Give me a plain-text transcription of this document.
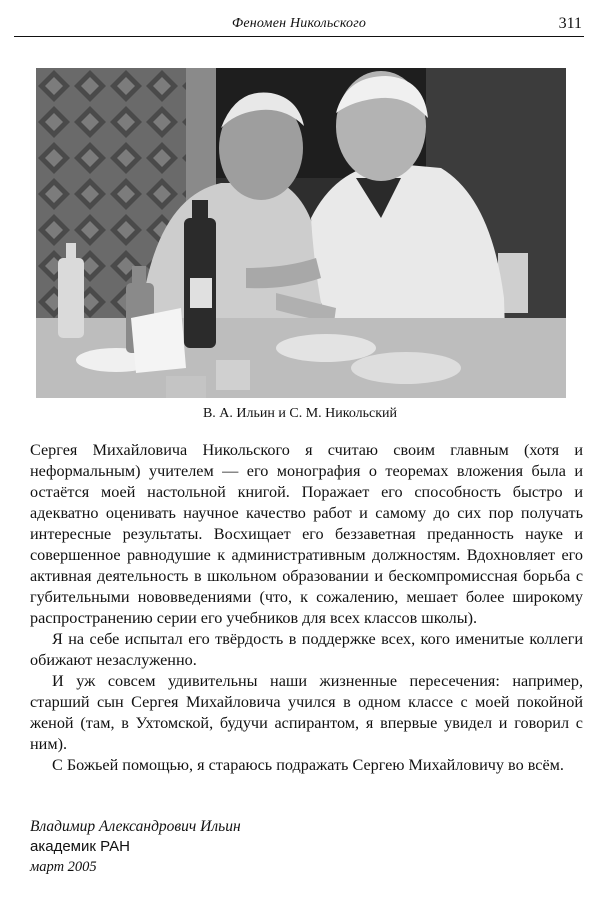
Феномен Никольского	311
В. А. Ильин и С. М. Никольский

Сергея Михайловича Никольского я считаю своим главным (хотя и неформальным) учителем — его монография о теоремах вложения была и остаётся моей настольной книгой. Поражает его способность быстро и адекватно оценивать научное качество работ и самому до сих пор получать интересные результаты. Восхищает его беззаветная преданность науке и совершенное равнодушие к административным должностям. Вдохновляет его активная деятельность в школьном образовании и бескомпромиссная борьба с губительными нововведениями (что, к сожалению, мешает более широкому распространению серии его учебников для всех классов школы).

Я на себе испытал его твёрдость в поддержке всех, кого именитые коллеги обижают незаслуженно.

И уж совсем удивительны наши жизненные пересечения: например, старший сын Сергея Михайловича учился в одном классе с моей покойной женой (там, в Ухтомской, будучи аспирантом, я впервые увидел и говорил с ним).

С Божьей помощью, я стараюсь подражать Сергею Михайловичу во всём.

Владимир Александрович Ильин
академик РАН
март 2005
